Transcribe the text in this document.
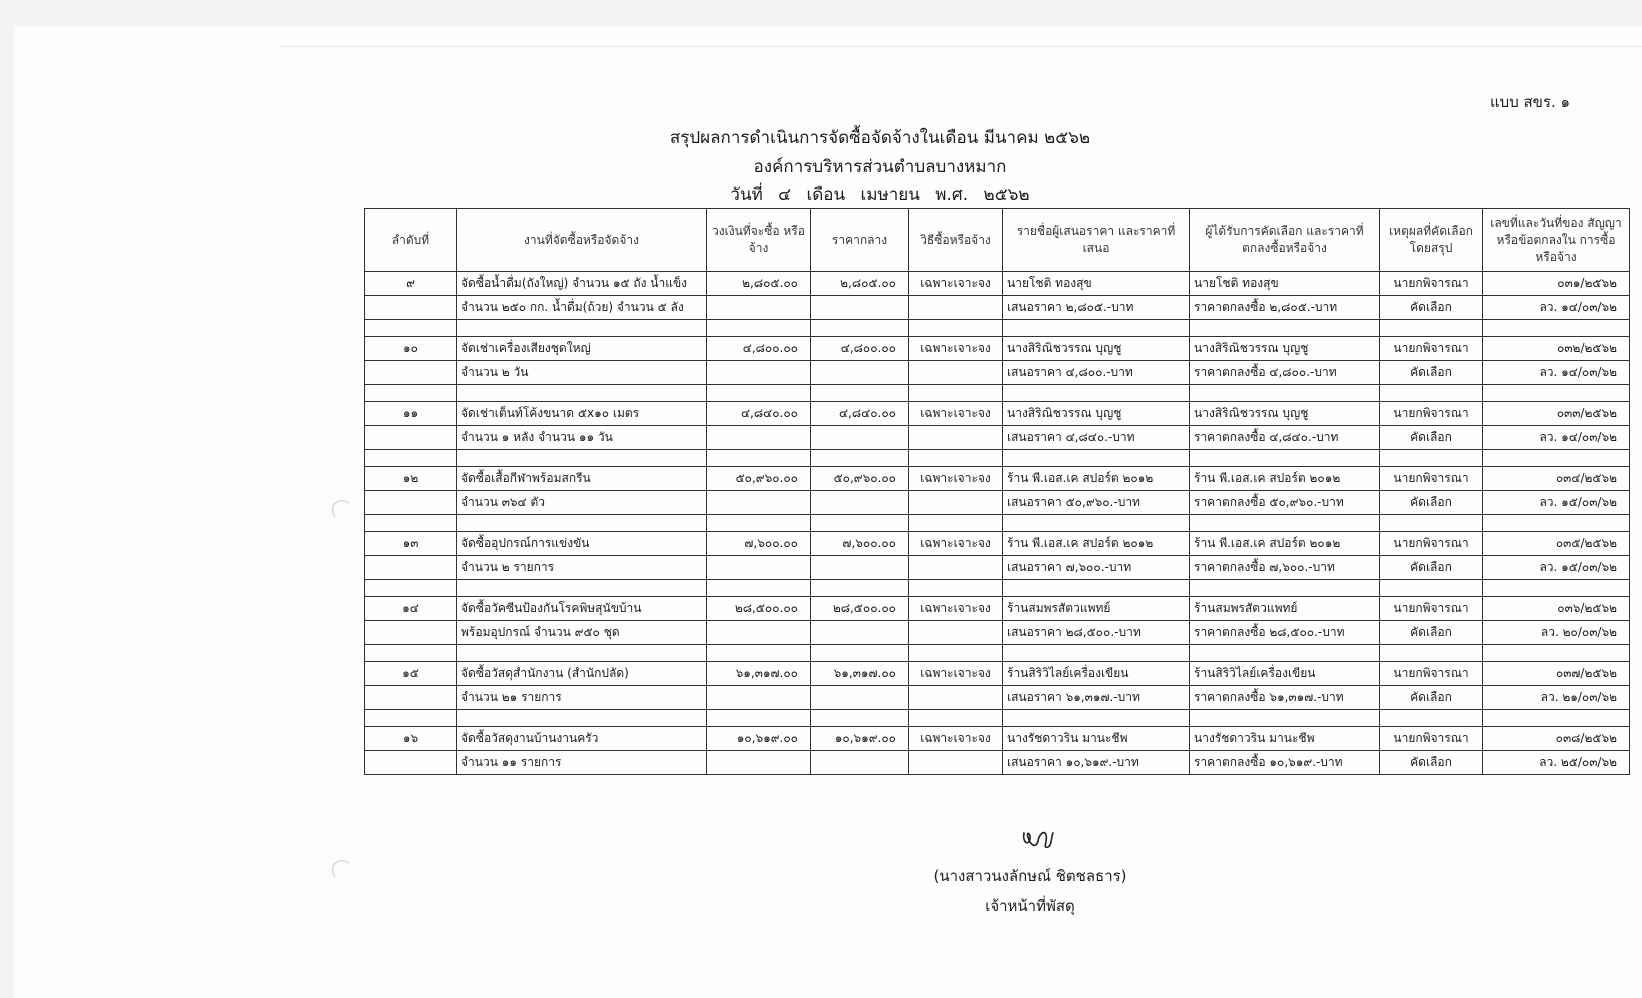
แบบ สขร. ๑
สรุปผลการดำเนินการจัดซื้อจัดจ้างในเดือน มีนาคม ๒๕๖๒
องค์การบริหารส่วนตำบลบางหมาก
วันที่ ๔ เดือน เมษายน พ.ศ. ๒๕๖๒
ลำดับที่	งานที่จัดซื้อหรือจัดจ้าง	วงเงินที่จะซื้อ หรือจ้าง	ราคากลาง	วิธีซื้อหรือจ้าง	รายชื่อผู้เสนอราคา และราคาที่เสนอ	ผู้ได้รับการคัดเลือก และราคาที่ตกลงซื้อหรือจ้าง	เหตุผลที่คัดเลือก โดยสรุป	เลขที่และวันที่ของ สัญญาหรือข้อตกลงใน การซื้อหรือจ้าง
๙	จัดซื้อน้ำดื่ม(ถังใหญ่) จำนวน ๑๕ ถัง น้ำแข็ง	๒,๘๐๕.๐๐	๒,๘๐๕.๐๐	เฉพาะเจาะจง	นายโชติ ทองสุข	นายโชติ ทองสุข	นายกพิจารณา	๐๓๑/๒๕๖๒
	จำนวน ๒๕๐ กก. น้ำดื่ม(ถ้วย) จำนวน ๕ ลัง				เสนอราคา ๒,๘๐๕.-บาท	ราคาตกลงซื้อ ๒,๘๐๕.-บาท	คัดเลือก	ลว. ๑๔/๐๓/๖๒

๑๐	จัดเช่าเครื่องเสียงชุดใหญ่	๔,๘๐๐.๐๐	๔,๘๐๐.๐๐	เฉพาะเจาะจง	นางสิริณิชวรรณ บุญชู	นางสิริณิชวรรณ บุญชู	นายกพิจารณา	๐๓๒/๒๕๖๒
	จำนวน ๒ วัน				เสนอราคา ๔,๘๐๐.-บาท	ราคาตกลงซื้อ ๔,๘๐๐.-บาท	คัดเลือก	ลว. ๑๔/๐๓/๖๒

๑๑	จัดเช่าเต็นท์โค้งขนาด ๕x๑๐ เมตร	๔,๘๔๐.๐๐	๔,๘๔๐.๐๐	เฉพาะเจาะจง	นางสิริณิชวรรณ บุญชู	นางสิริณิชวรรณ บุญชู	นายกพิจารณา	๐๓๓/๒๕๖๒
	จำนวน ๑ หลัง จำนวน ๑๑ วัน				เสนอราคา ๔,๘๔๐.-บาท	ราคาตกลงซื้อ ๔,๘๔๐.-บาท	คัดเลือก	ลว. ๑๔/๐๓/๖๒

๑๒	จัดซื้อเสื้อกีฬาพร้อมสกรีน	๕๐,๙๖๐.๐๐	๕๐,๙๖๐.๐๐	เฉพาะเจาะจง	ร้าน พี.เอส.เค สปอร์ต ๒๐๑๒	ร้าน พี.เอส.เค สปอร์ต ๒๐๑๒	นายกพิจารณา	๐๓๔/๒๕๖๒
	จำนวน ๓๖๔ ตัว				เสนอราคา ๕๐,๙๖๐.-บาท	ราคาตกลงซื้อ ๕๐,๙๖๐.-บาท	คัดเลือก	ลว. ๑๕/๐๓/๖๒

๑๓	จัดซื้ออุปกรณ์การแข่งขัน	๗,๖๐๐.๐๐	๗,๖๐๐.๐๐	เฉพาะเจาะจง	ร้าน พี.เอส.เค สปอร์ต ๒๐๑๒	ร้าน พี.เอส.เค สปอร์ต ๒๐๑๒	นายกพิจารณา	๐๓๕/๒๕๖๒
	จำนวน ๒ รายการ				เสนอราคา ๗,๖๐๐.-บาท	ราคาตกลงซื้อ ๗,๖๐๐.-บาท	คัดเลือก	ลว. ๑๕/๐๓/๖๒

๑๔	จัดซื้อวัคซีนป้องกันโรคพิษสุนัขบ้าน	๒๘,๕๐๐.๐๐	๒๘,๕๐๐.๐๐	เฉพาะเจาะจง	ร้านสมพรสัตวแพทย์	ร้านสมพรสัตวแพทย์	นายกพิจารณา	๐๓๖/๒๕๖๒
	พร้อมอุปกรณ์ จำนวน ๙๕๐ ชุด				เสนอราคา ๒๘,๕๐๐.-บาท	ราคาตกลงซื้อ ๒๘,๕๐๐.-บาท	คัดเลือก	ลว. ๒๐/๐๓/๖๒

๑๕	จัดซื้อวัสดุสำนักงาน (สำนักปลัด)	๖๑,๓๑๗.๐๐	๖๑,๓๑๗.๐๐	เฉพาะเจาะจง	ร้านสิริวิไลย์เครื่องเขียน	ร้านสิริวิไลย์เครื่องเขียน	นายกพิจารณา	๐๓๗/๒๕๖๒
	จำนวน ๒๑ รายการ				เสนอราคา ๖๑,๓๑๗.-บาท	ราคาตกลงซื้อ ๖๑,๓๑๗.-บาท	คัดเลือก	ลว. ๒๑/๐๓/๖๒

๑๖	จัดซื้อวัสดุงานบ้านงานครัว	๑๐,๖๑๙.๐๐	๑๐,๖๑๙.๐๐	เฉพาะเจาะจง	นางรัชดาวริน มานะชีพ	นางรัชดาวริน มานะชีพ	นายกพิจารณา	๐๓๘/๒๕๖๒
	จำนวน ๑๑ รายการ				เสนอราคา ๑๐,๖๑๙.-บาท	ราคาตกลงซื้อ ๑๐,๖๑๙.-บาท	คัดเลือก	ลว. ๒๕/๐๓/๖๒
(นางสาวนงลักษณ์ ชิตชลธาร)
เจ้าหน้าที่พัสดุ
